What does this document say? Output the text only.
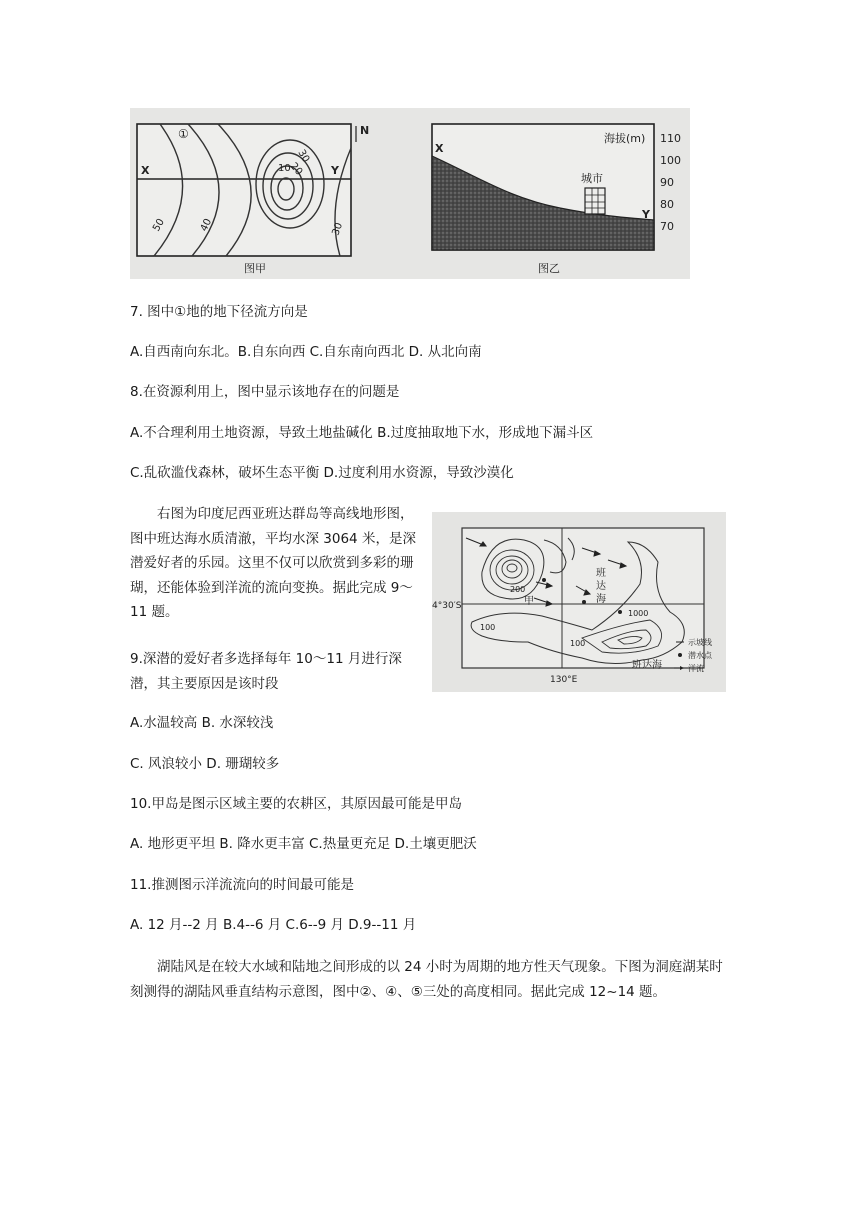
①
X	Y
N
30
10
20
50	40	30
图甲
城市
X
Y
海拔(m) 110
100
90
80
70
图乙
7. 图中①地的地下径流方向是
A.自西南向东北。B.自东向西 C.自东南向西北 D. 从北向南
8.在资源利用上，图中显示该地存在的问题是
A.不合理利用土地资源，导致土地盐碱化 B.过度抽取地下水，形成地下漏斗区
C.乱砍滥伐森林，破坏生态平衡 D.过度利用水资源，导致沙漠化
右图为印度尼西亚班达群岛等高线地形图，图中班达海水质清澈，平均水深 3064 米，是深潜爱好者的乐园。这里不仅可以欣赏到多彩的珊瑚，还能体验到洋流的流向变换。据此完成 9～11 题。
200
100
1000
100
甲
班
达
海
班达海
4°30′S
130°E
示坡线
潜水点
洋流
9.深潜的爱好者多选择每年 10～11 月进行深潜，其主要原因是该时段
A.水温较高 B. 水深较浅
C. 风浪较小 D. 珊瑚较多
10.甲岛是图示区域主要的农耕区，其原因最可能是甲岛
A. 地形更平坦 B. 降水更丰富 C.热量更充足 D.土壤更肥沃
11.推测图示洋流流向的时间最可能是
A. 12 月--2 月 B.4--6 月 C.6--9 月 D.9--11 月
湖陆风是在较大水域和陆地之间形成的以 24 小时为周期的地方性天气现象。下图为洞庭湖某时刻测得的湖陆风垂直结构示意图，图中②、④、⑤三处的高度相同。据此完成 12~14 题。
